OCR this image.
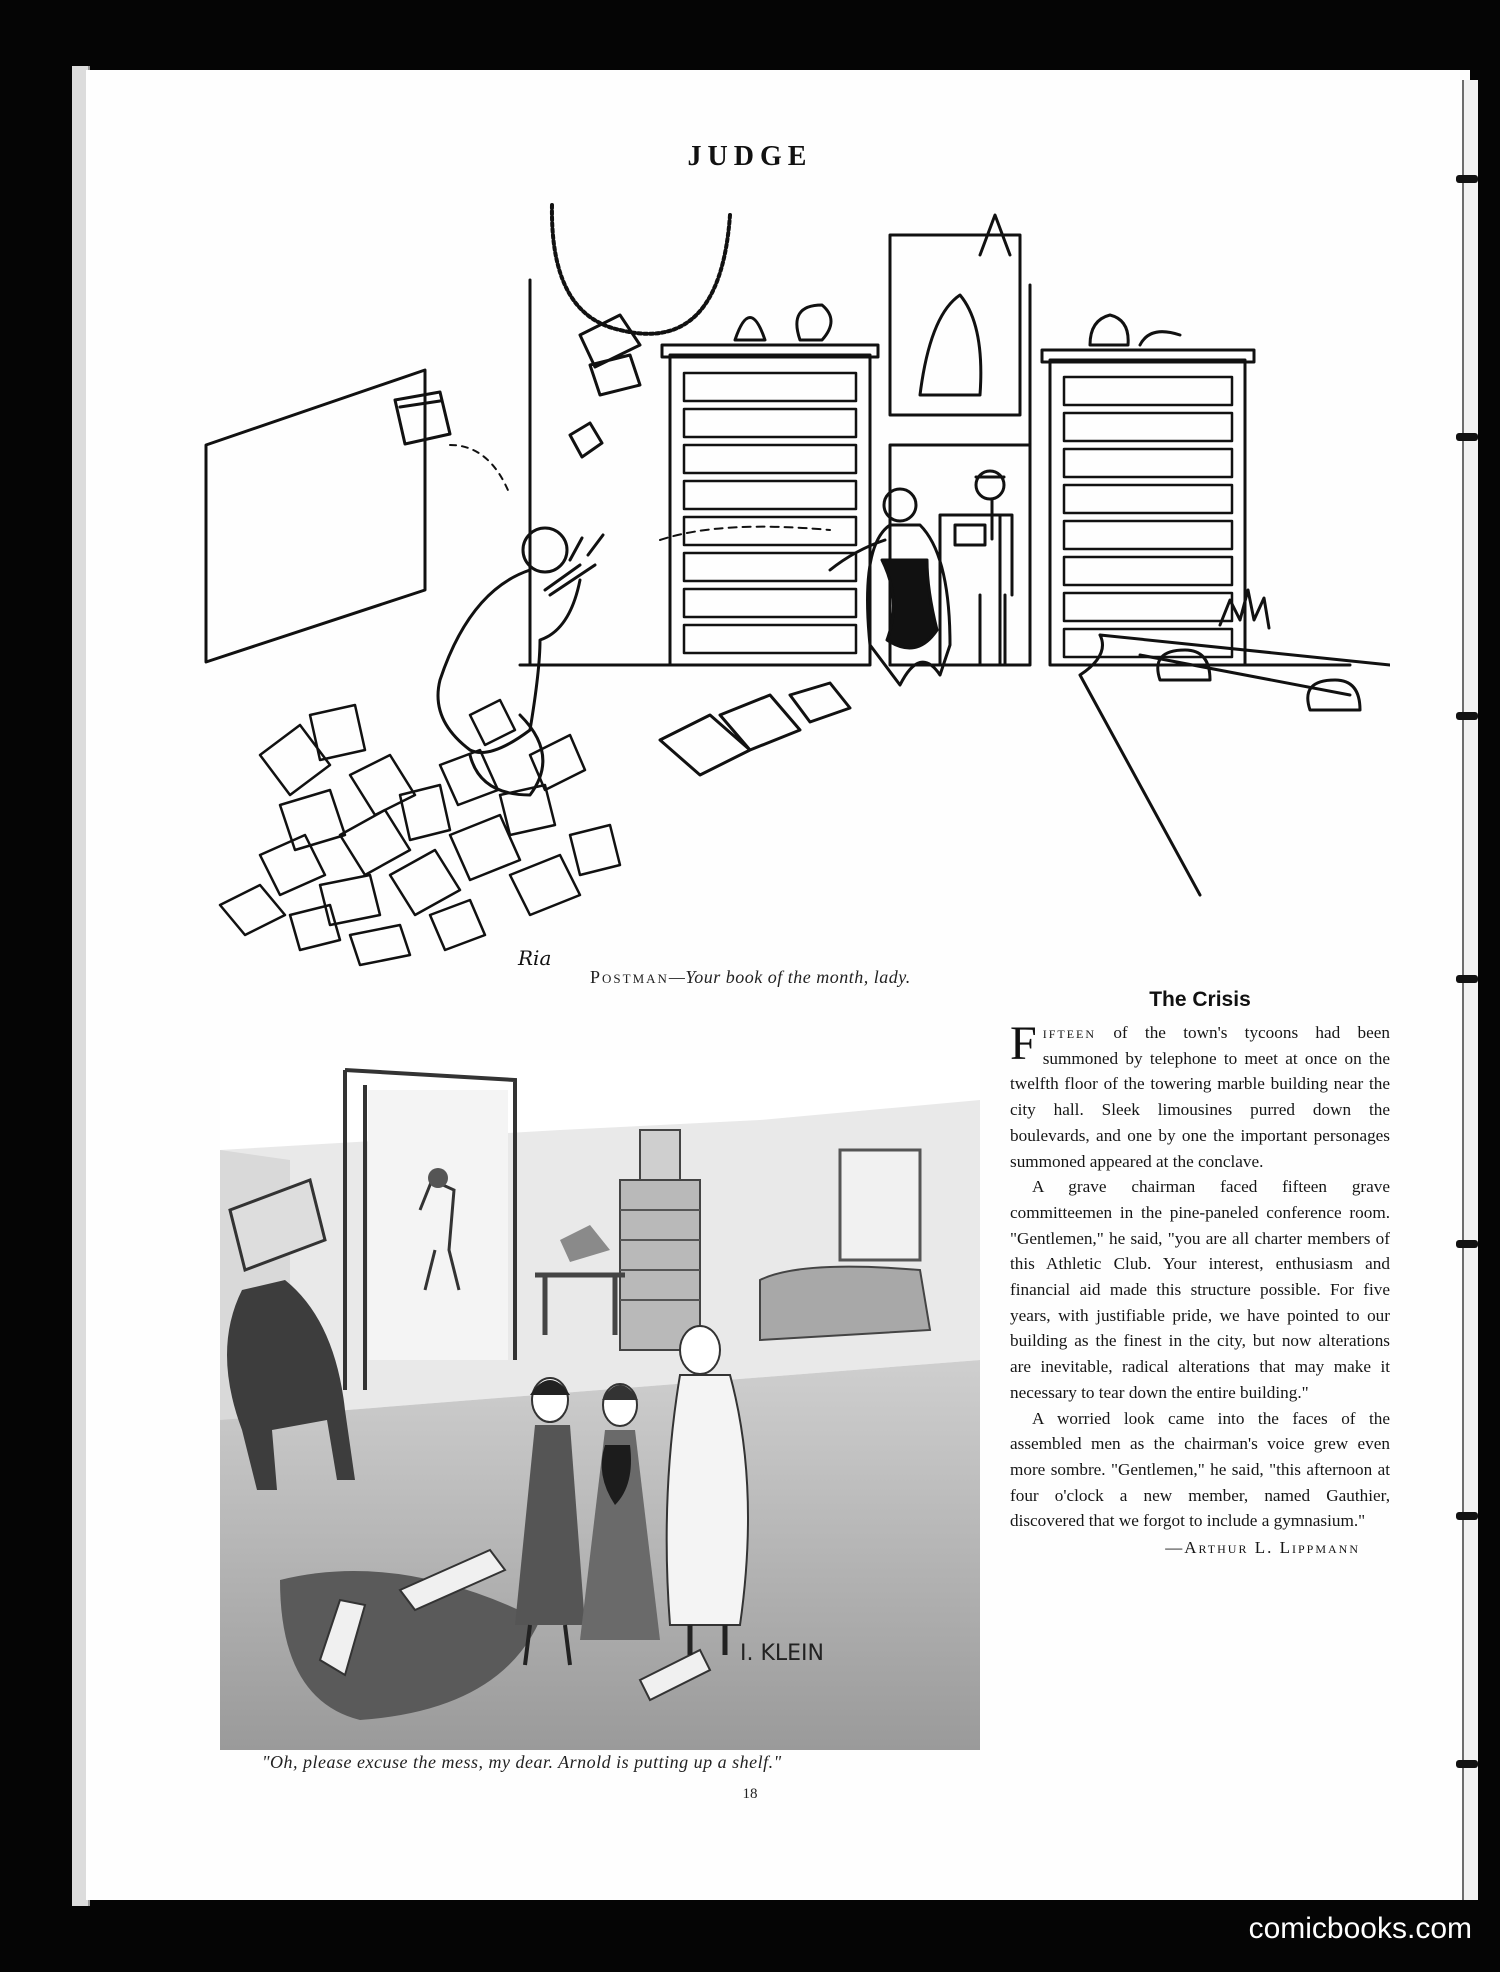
JUDGE
Ria
Postman—Your book of the month, lady.
I. KLEIN
"Oh, please excuse the mess, my dear. Arnold is putting up a shelf."
The Crisis

Fifteen of the town's tycoons had been summoned by telephone to meet at once on the twelfth floor of the towering marble building near the city hall. Sleek limousines purred down the boulevards, and one by one the important personages summoned appeared at the conclave.

A grave chairman faced fifteen grave committeemen in the pine-paneled conference room. "Gentlemen," he said, "you are all charter members of this Athletic Club. Your interest, enthusiasm and financial aid made this structure possible. For five years, with justifiable pride, we have pointed to our building as the finest in the city, but now alterations are inevitable, radical alterations that may make it necessary to tear down the entire building."

A worried look came into the faces of the assembled men as the chairman's voice grew even more sombre. "Gentlemen," he said, "this afternoon at four o'clock a new member, named Gauthier, discovered that we forgot to include a gymnasium."

—Arthur L. Lippmann
18
comicbooks.com
